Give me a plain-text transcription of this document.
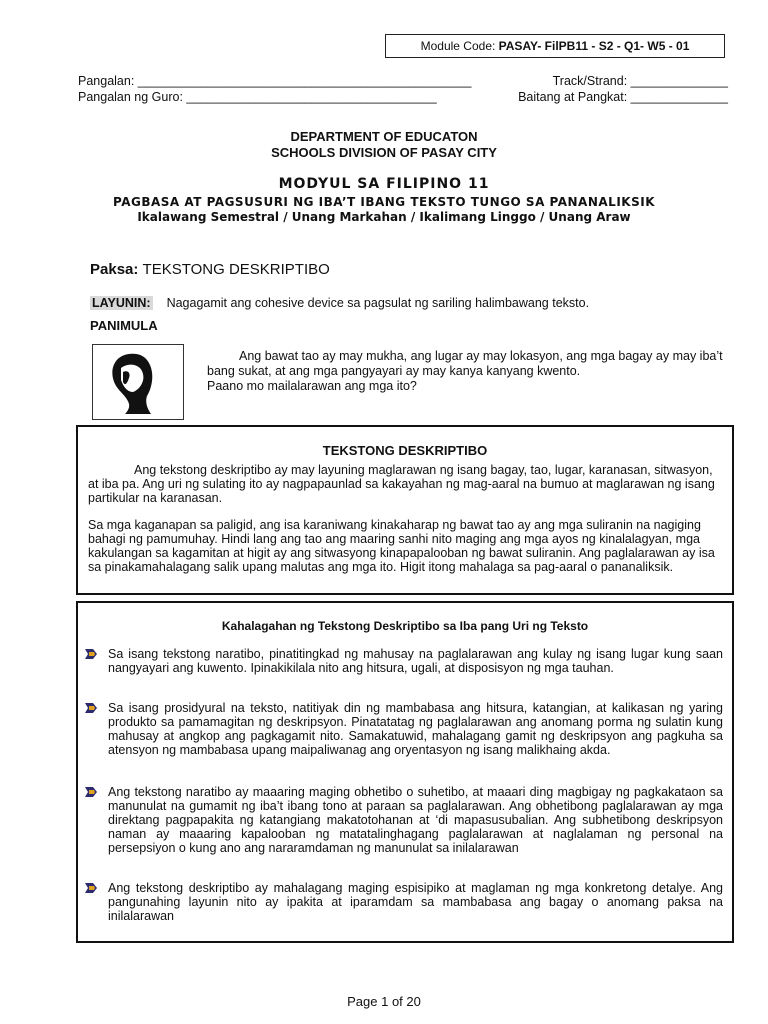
Module Code: PASAY- FilPB11 - S2 - Q1- W5 - 01
Pangalan: ________________________________________________	Track/Strand: ______________
Pangalan ng Guro: ____________________________________	Baitang at Pangkat: ______________
DEPARTMENT OF EDUCATON
SCHOOLS DIVISION OF PASAY CITY
MODYUL SA FILIPINO 11
PAGBASA AT PAGSUSURI NG IBA’T IBANG TEKSTO TUNGO SA PANANALIKSIK
Ikalawang Semestral / Unang Markahan / Ikalimang Linggo / Unang Araw
Paksa: TEKSTONG DESKRIPTIBO
LAYUNIN: Nagagamit ang cohesive device sa pagsulat ng sariling halimbawang teksto.
PANIMULA
Ang bawat tao ay may mukha, ang lugar ay may lokasyon, ang mga bagay ay may iba’t bang sukat, at ang mga pangyayari ay may kanya kanyang kwento.
Paano mo mailalarawan ang mga ito?
TEKSTONG DESKRIPTIBO
Ang tekstong deskriptibo ay may layuning maglarawan ng isang bagay, tao, lugar, karanasan, sitwasyon, at iba pa. Ang uri ng sulating ito ay nagpapaunlad sa kakayahan ng mag-aaral na bumuo at maglarawan ng isang partikular na karanasan.
Sa mga kaganapan sa paligid, ang isa karaniwang kinakaharap ng bawat tao ay ang mga suliranin na nagiging bahagi ng pamumuhay. Hindi lang ang tao ang maaring sanhi nito maging ang mga ayos ng kinalalagyan, mga kakulangan sa kagamitan at higit ay ang sitwasyong kinapapalooban ng bawat suliranin. Ang paglalarawan ay isa sa pinakamahalagang salik upang malutas ang mga ito. Higit itong mahalaga sa pag-aaral o pananaliksik.
Kahalagahan ng Tekstong Deskriptibo sa Iba pang Uri ng Teksto
Sa isang tekstong naratibo, pinatitingkad ng mahusay na paglalarawan ang kulay ng isang lugar kung saan nangyayari ang kuwento. Ipinakikilala nito ang hitsura, ugali, at disposisyon ng mga tauhan.
Sa isang prosidyural na teksto, natitiyak din ng mambabasa ang hitsura, katangian, at kalikasan ng yaring produkto sa pamamagitan ng deskripsyon. Pinatatatag ng paglalarawan ang anomang porma ng sulatin kung mahusay at angkop ang pagkagamit nito. Samakatuwid, mahalagang gamit ng deskripsyon ang pagkuha sa atensyon ng mambabasa upang maipaliwanag ang oryentasyon ng isang malikhaing akda.
Ang tekstong naratibo ay maaaring maging obhetibo o suhetibo, at maaari ding magbigay ng pagkakataon sa manunulat na gumamit ng iba’t ibang tono at paraan sa paglalarawan. Ang obhetibong paglalarawan ay mga direktang pagpapakita ng katangiang makatotohanan at ‘di mapasusubalian. Ang subhetibong deskripsyon naman ay maaaring kapalooban ng matatalinghagang paglalarawan at naglalaman ng personal na persepsiyon o kung ano ang nararamdaman ng manunulat sa inilalarawan
Ang tekstong deskriptibo ay mahalagang maging espisipiko at maglaman ng mga konkretong detalye. Ang pangunahing layunin nito ay ipakita at iparamdam sa mambabasa ang bagay o anomang paksa na inilalarawan
Page 1 of 20
